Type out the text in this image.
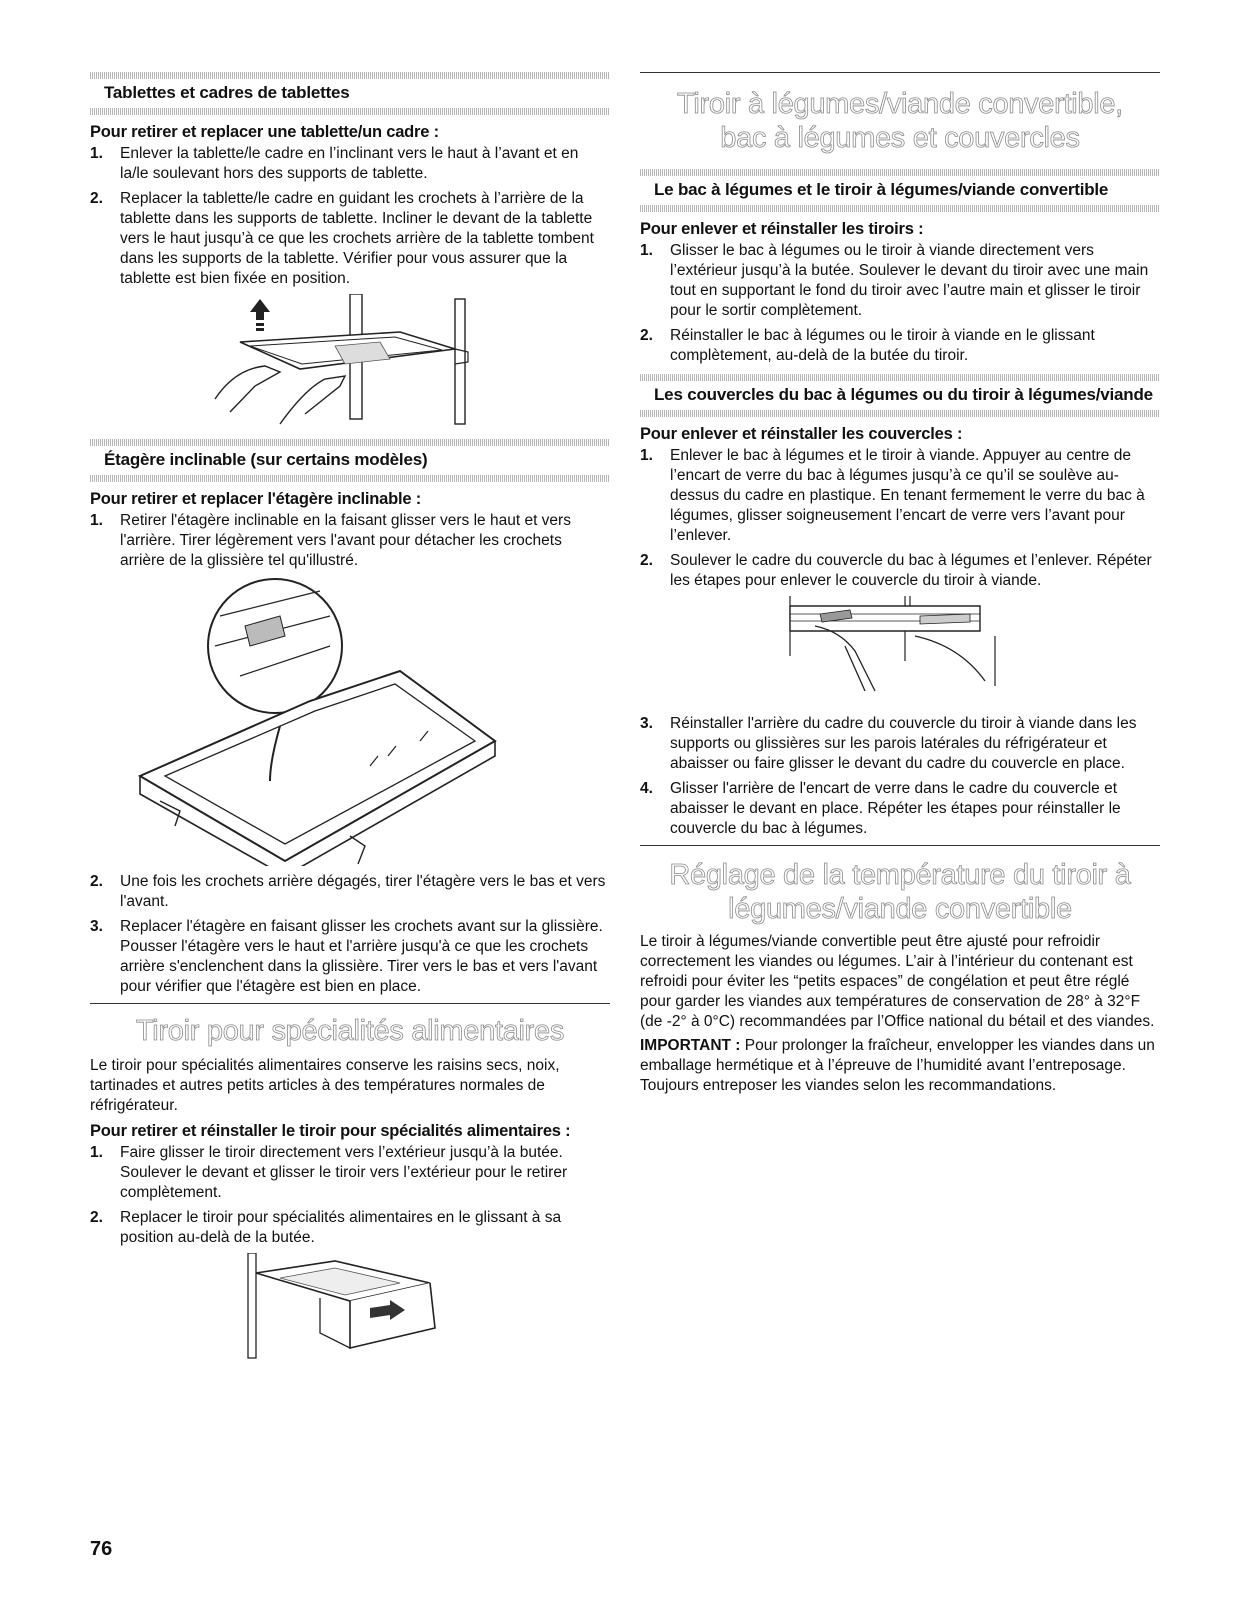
Tablettes et cadres de tablettes
Pour retirer et replacer une tablette/un cadre :
1. Enlever la tablette/le cadre en l’inclinant vers le haut à l’avant et en la/le soulevant hors des supports de tablette.
2. Replacer la tablette/le cadre en guidant les crochets à l’arrière de la tablette dans les supports de tablette. Incliner le devant de la tablette vers le haut jusqu’à ce que les crochets arrière de la tablette tombent dans les supports de la tablette. Vérifier pour vous assurer que la tablette est bien fixée en position.
Étagère inclinable (sur certains modèles)
Pour retirer et replacer l'étagère inclinable :
1. Retirer l'étagère inclinable en la faisant glisser vers le haut et vers l'arrière. Tirer légèrement vers l'avant pour détacher les crochets arrière de la glissière tel qu'illustré.
2. Une fois les crochets arrière dégagés, tirer l'étagère vers le bas et vers l'avant.
3. Replacer l'étagère en faisant glisser les crochets avant sur la glissière. Pousser l'étagère vers le haut et l'arrière jusqu'à ce que les crochets arrière s'enclenchent dans la glissière. Tirer vers le bas et vers l'avant pour vérifier que l'étagère est bien en place.
Tiroir pour spécialités alimentaires

Le tiroir pour spécialités alimentaires conserve les raisins secs, noix, tartinades et autres petits articles à des températures normales de réfrigérateur.

Pour retirer et réinstaller le tiroir pour spécialités alimentaires :
1. Faire glisser le tiroir directement vers l’extérieur jusqu’à la butée. Soulever le devant et glisser le tiroir vers l’extérieur pour le retirer complètement.
2. Replacer le tiroir pour spécialités alimentaires en le glissant à sa position au-delà de la butée.
Tiroir à légumes/viande convertible,
bac à légumes et couvercles
Le bac à légumes et le tiroir à légumes/viande convertible
Pour enlever et réinstaller les tiroirs :
1. Glisser le bac à légumes ou le tiroir à viande directement vers l’extérieur jusqu’à la butée. Soulever le devant du tiroir avec une main tout en supportant le fond du tiroir avec l’autre main et glisser le tiroir pour le sortir complètement.
2. Réinstaller le bac à légumes ou le tiroir à viande en le glissant complètement, au-delà de la butée du tiroir.
Les couvercles du bac à légumes ou du tiroir à légumes/viande
Pour enlever et réinstaller les couvercles :
1. Enlever le bac à légumes et le tiroir à viande. Appuyer au centre de l’encart de verre du bac à légumes jusqu’à ce qu’il se soulève au-dessus du cadre en plastique. En tenant fermement le verre du bac à légumes, glisser soigneusement l’encart de verre vers l’avant pour l’enlever.
2. Soulever le cadre du couvercle du bac à légumes et l’enlever. Répéter les étapes pour enlever le couvercle du tiroir à viande.
3. Réinstaller l'arrière du cadre du couvercle du tiroir à viande dans les supports ou glissières sur les parois latérales du réfrigérateur et abaisser ou faire glisser le devant du cadre du couvercle en place.
4. Glisser l'arrière de l'encart de verre dans le cadre du couvercle et abaisser le devant en place. Répéter les étapes pour réinstaller le couvercle du bac à légumes.
Réglage de la température du tiroir à
légumes/viande convertible

Le tiroir à légumes/viande convertible peut être ajusté pour refroidir correctement les viandes ou légumes. L’air à l’intérieur du contenant est refroidi pour éviter les “petits espaces” de congélation et peut être réglé pour garder les viandes aux températures de conservation de 28° à 32°F (de -2° à 0°C) recommandées par l’Office national du bétail et des viandes.

IMPORTANT : Pour prolonger la fraîcheur, envelopper les viandes dans un emballage hermétique et à l’épreuve de l’humidité avant l’entreposage. Toujours entreposer les viandes selon les recommandations.

76
